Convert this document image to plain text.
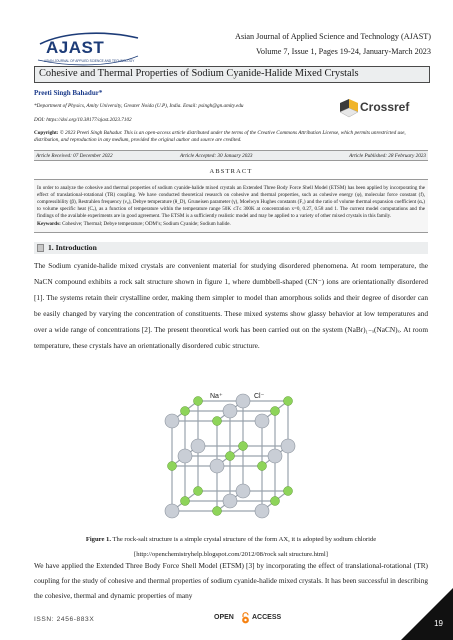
AJAST
ASIAN JOURNAL OF APPLIED SCIENCE AND TECHNOLOGY
Asian Journal of Applied Science and Technology (AJAST)
Volume 7, Issue 1, Pages 19-24, January-March 2023
Cohesive and Thermal Properties of Sodium Cyanide-Halide Mixed Crystals
Preeti Singh Bahadur*
*Department of Physics, Amity University, Greater Noida (U.P), India. Email: psingh@gn.amity.edu
DOI: https://doi.org/10.38177/ajast.2023.7102
Crossref
Copyright: © 2023 Preeti Singh Bahadur. This is an open-access article distributed under the terms of the Creative Commons Attribution License, which permits unrestricted use, distribution, and reproduction in any medium, provided the original author and source are credited.
Article Received: 07 December 2022	Article Accepted: 30 January 2023	Article Published: 28 February 2023
ABSTRACT
In order to analyze the cohesive and thermal properties of sodium cyanide-halide mixed crystals an Extended Three Body Force Shell Model (ETSM) has been applied by incorporating the effect of translational-rotational (TR) coupling. We have conducted theoretical research on cohesive and thermal properties, such as cohesive energy (φ), molecular force constant (f), compressibility (β), Restrahlen frequency (ν₀), Debye temperature (θ_D), Gruneisen parameter (γ), Moelwyn Hughes constants (F₁) and the ratio of volume thermal expansion coefficient (αᵥ) to volume specific heat (Cᵥ), as a function of temperature within the temperature range 50K ≤T≤ 300K at concentration x=0, 0.27, 0.58 and 1. The current model computations and the findings of the available experiments are in good agreement. The ETSM is a sufficiently realistic model and may be applied to a variety of other mixed crystals in this family.
Keywords: Cohesive; Thermal; Debye temperature; ODM’s; Sodium Cyanide; Sodium halide.
1. Introduction
The Sodium cyanide-halide mixed crystals are convenient material for studying disordered phenomena. At room temperature, the NaCN compound exhibits a rock salt structure shown in figure 1, where dumbbell-shaped (CN⁻) ions are orientationally disordered [1]. The systems retain their crystalline order, making them simpler to model than amorphous solids and their degree of disorder can be easily changed by varying the concentration of constituents. These mixed systems show glassy behavior at low temperatures and over a wide range of concentrations [2]. The present theoretical work has been carried out on the system (NaBr)₁₋ₓ(NaCN)ₓ. At room temperature, these crystals have an orientationally disordered cubic structure.
Na⁺	Cl⁻
Figure 1. The rock-salt structure is a simple crystal structure of the form AX, it is adopted by sodium chloride
[http://openchemistryhelp.blogspot.com/2012/08/rock salt structure.html]
We have applied the Extended Three Body Force Shell Model (ETSM) [3] by incorporating the effect of translational-rotational (TR) coupling for the study of cohesive and thermal properties of sodium cyanide-halide mixed crystals. It has been successful in describing the cohesive, thermal and dynamic properties of many
ISSN: 2456-883X	OPEN	ACCESS
19
